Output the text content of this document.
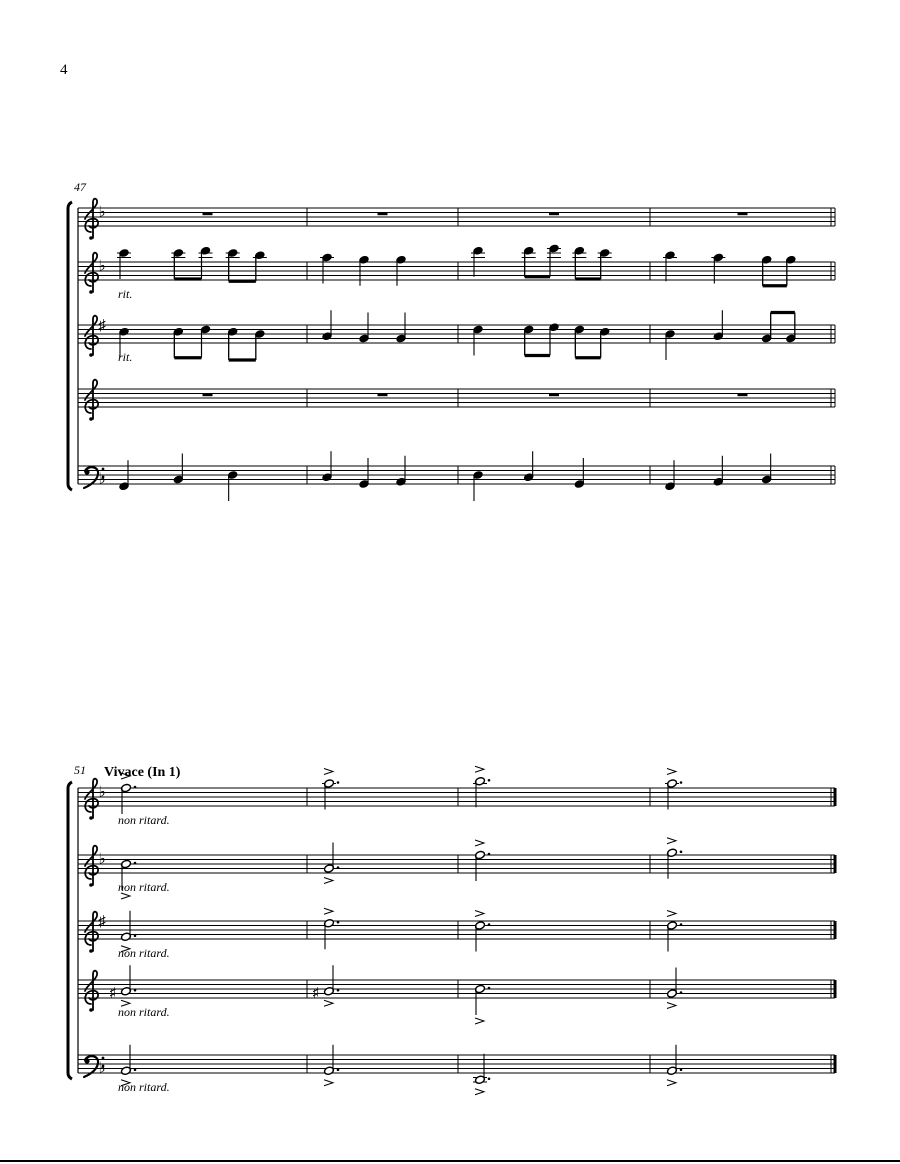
4
47
♭
♭
rit.
♯
rit.
♭
51 Vivace (In 1)
♭
non ritard.
♭
non ritard.
♯
non ritard.
♯	♯
non ritard.
♭
non ritard.
